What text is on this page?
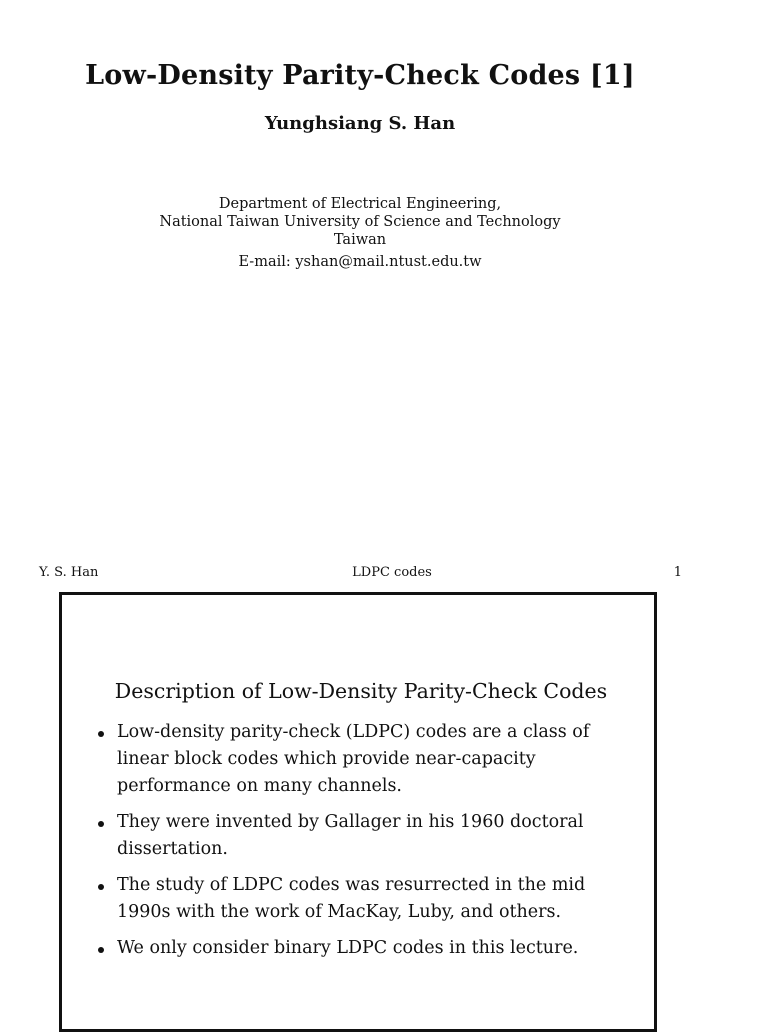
Low-Density Parity-Check Codes [1]
Yunghsiang S. Han
Department of Electrical Engineering,
National Taiwan University of Science and Technology
Taiwan
E-mail: yshan@mail.ntust.edu.tw
Y. S. Han	LDPC codes	1
Description of Low-Density Parity-Check Codes
Low-density parity-check (LDPC) codes are a class of linear block codes which provide near-capacity performance on many channels.
They were invented by Gallager in his 1960 doctoral dissertation.
The study of LDPC codes was resurrected in the mid 1990s with the work of MacKay, Luby, and others.
We only consider binary LDPC codes in this lecture.
